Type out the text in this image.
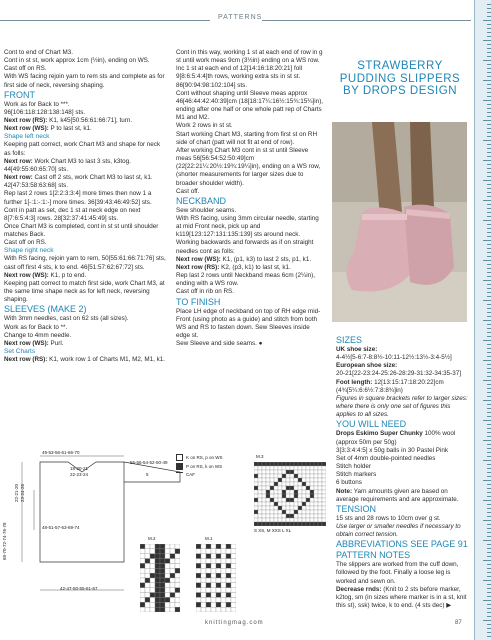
PATTERNS

Cont to end of Chart M3.

Cont in st st, work approx 1cm (½in), ending on WS.

Cast off on RS.

With WS facing rejoin yarn to rem sts and complete as for first side of neck, reversing shaping.

FRONT

Work as for Back to ***.

96[106:118:128:138:148] sts.

Next row (RS): K1, k45[50:56:61:66:71], turn.

Next row (WS): P to last st, k1.

Shape left neck

Keeping patt correct, work Chart M3 and shape for neck as folls:

Next row: Work Chart M3 to last 3 sts, k3tog. 44[49:55:60:65:70] sts.

Next row: Cast off 2 sts, work Chart M3 to last st, k1. 42[47:53:58:63:68] sts.

Rep last 2 rows 1[2:2:3:3:4] more times then now 1 a further 1[-:1:-:1:-] more times. 36[39:43:46:49:52] sts.

Cont in patt as set, dec 1 st at neck edge on next 8[7:6:5:4:3] rows. 28[32:37:41:45:49] sts.

Once Chart M3 is completed, cont in st st until shoulder matches Back.

Cast off on RS.

Shape right neck

With RS facing, rejoin yarn to rem, 50[55:61:66:71:76] sts, cast off first 4 sts, k to end. 46[51:57:62:67:72] sts.

Next row (WS): K1, p to end.

Keeping patt correct to match first side, work Chart M3, at the same time shape neck as for left neck, reversing shaping.

SLEEVES (MAKE 2)

With 3mm needles, cast on 62 sts (all sizes).

Work as for Back to **.

Change to 4mm needle.

Next row (WS): Purl.

Set Charts

Next row (RS): K1, work row 1 of Charts M1, M2, M1, k1.

Cont in this way, working 1 st at each end of row in g st until work meas 9cm (3½in) ending on a WS row.

Inc 1 st at each end of 12[14:16:18:20:21] foll 9[8:6:5:4:4]th rows, working extra sts in st st. 86[90:94:98:102:104] sts.

Cont without shaping until Sleeve meas approx 46[46:44:42:40:39]cm (18[18:17¼:16½:15¾:15¼]in), ending after one half or one whole patt rep of Charts M1 and M2.

Work 2 rows in st st.

Start working Chart M3, starting from first st on RH side of chart (patt will not fit at end of row).

After working Chart M3 cont in st st until Sleeve meas 56[56:54:52:50:49]cm (22[22:21¼:20½:19¾:19¼]in), ending on a WS row, (shorter measurements for larger sizes due to broader shoulder width).

Cast off.

NECKBAND

Sew shoulder seams.

With RS facing, using 3mm circular needle, starting at mid Front neck, pick up and k119[123:127:131:135:139] sts around neck.

Working backwards and forwards as if on straight needles cont as folls:

Next row (WS): K1, (p1, k3) to last 2 sts, p1, k1.

Next row (RS): K2, (p3, k1) to last st, k1.

Rep last 2 rows until Neckband meas 6cm (2¼in), ending with a WS row.

Cast off in rib on RS.

TO FINISH

Place LH edge of neckband on top of RH edge mid-Front (using photo as a guide) and stitch from both WS and RS to fasten down. Sew Sleeves inside edge st.

Sew Sleeve and side seams. ●	SIZES

UK shoe size:

4-4½[5-6:7-8:8½-10:11-12½:13½-3:4-5½]

European shoe size:

20-21[22-23:24-25:26-28:29-31:32-34:35-37]

Foot length: 12[13:15:17:18:20:22]cm (4¾[5¼:6:6½:7:8:8¾]in)

Figures in square brackets refer to larger sizes: where there is only one set of figures this applies to all sizes.

YOU WILL NEED

Drops Eskimo Super Chunky 100% wool (approx 50m per 50g)

3[3:3:4:4:5] x 50g balls in 30 Pastel Pink

Set of 4mm double-pointed needles

Stitch holder

Stitch markers

6 buttons

Note: Yarn amounts given are based on average requirements and are approximate.

TENSION

15 sts and 28 rows to 10cm over g st.

Use larger or smaller needles if necessary to obtain correct tension.

ABBREVIATIONS SEE PAGE 91

PATTERN NOTES

The slippers are worked from the cuff down, followed by the foot. Finally a loose leg is worked and sewn on.

Decrease rnds: (Knit to 2 sts before marker, k2tog, sm (in sizes where marker is in a st, knit this st), ssk) twice, k to end. (4 sts dec) ▶

STRAWBERRY
PUDDING SLIPPERS
BY DROPS DESIGN
K on RS, p on WS
P on RS, k on WS
CAF
49-53-56-61-66-70
18-20-21
22-23-24
56-56-54-52-50-49
48-51-57-63-69-74
22-21-20 23-24-26
68-70-72-74-76-78
42-47-50-55-61-67
5
M.2	M.1
M.3
S XS, M XXS L XL
knittingmag.com	87
